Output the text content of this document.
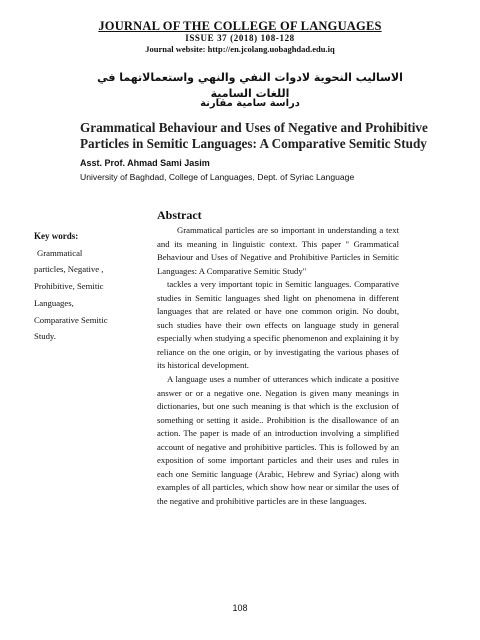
JOURNAL OF THE COLLEGE OF LANGUAGES
ISSUE 37 (2018) 108-128
Journal website: http://en.jcolang.uobaghdad.edu.iq
الاساليب النحوية لادوات النفي والنهي واستعمالاتهما في اللغات السامية
دراسة سامية مقارنة
Grammatical Behaviour and Uses of Negative and Prohibitive
Particles in Semitic Languages: A Comparative Semitic Study
Asst. Prof. Ahmad Sami Jasim
University of Baghdad, College of Languages, Dept. of Syriac Language
Key words:
Grammatical
particles, Negative ,
Prohibitive, Semitic
Languages,
Comparative Semitic
Study.
Abstract

Grammatical particles are so important in understanding a text and its meaning in linguistic context. This paper " Grammatical Behaviour and Uses of Negative and Prohibitive Particles in Semitic Languages: A Comparative Semitic Study"

tackles a very important topic in Semitic languages. Comparative studies in Semitic languages shed light on phenomena in different languages that are related or have one common origin. No doubt, such studies have their own effects on language study in general especially when studying a specific phenomenon and explaining it by reliance on the one origin, or by investigating the various phases of its historical development.

A language uses a number of utterances which indicate a positive answer or or a negative one. Negation is given many meanings in dictionaries, but one such meaning is that which is the exclusion of something or setting it aside.. Prohibition is the disallowance of an action. The paper is made of an introduction involving a simplified account of negative and prohibitive particles. This is followed by an exposition of some important particles and their uses and rules in each one Semitic language (Arabic, Hebrew and Syriac) along with examples of all particles, which show how near or similar the uses of the negative and prohibitive particles are in these languages.

108
